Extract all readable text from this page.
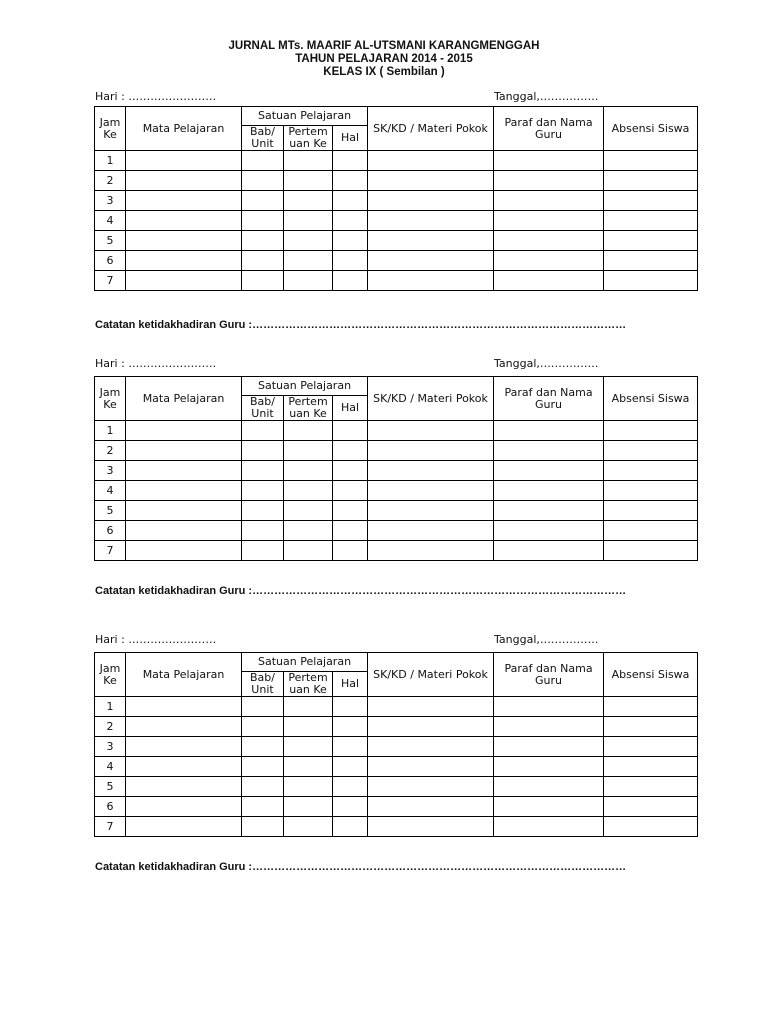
JURNAL MTs. MAARIF AL-UTSMANI KARANGMENGGAH
TAHUN PELAJARAN 2014 - 2015
KELAS IX ( Sembilan )
Hari : ……………………	Tanggal,…………….
Jam Ke	Mata Pelajaran	Satuan Pelajaran			SK/KD / Materi Pokok	Paraf dan Nama Guru	Absensi Siswa
		Bab/ Unit	Pertem uan Ke	Hal			
1							
2							
3							
4							
5							
6							
7							
Catatan ketidakhadiran Guru :…………………………………………………………………………………………
Hari : ……………………	Tanggal,…………….
Jam Ke	Mata Pelajaran	Satuan Pelajaran			SK/KD / Materi Pokok	Paraf dan Nama Guru	Absensi Siswa
		Bab/ Unit	Pertem uan Ke	Hal			
1							
2							
3							
4							
5							
6							
7							
Catatan ketidakhadiran Guru :…………………………………………………………………………………………
Hari : ……………………	Tanggal,…………….
Jam Ke	Mata Pelajaran	Satuan Pelajaran			SK/KD / Materi Pokok	Paraf dan Nama Guru	Absensi Siswa
		Bab/ Unit	Pertem uan Ke	Hal			
1							
2							
3							
4							
5							
6							
7							
Catatan ketidakhadiran Guru :…………………………………………………………………………………………
